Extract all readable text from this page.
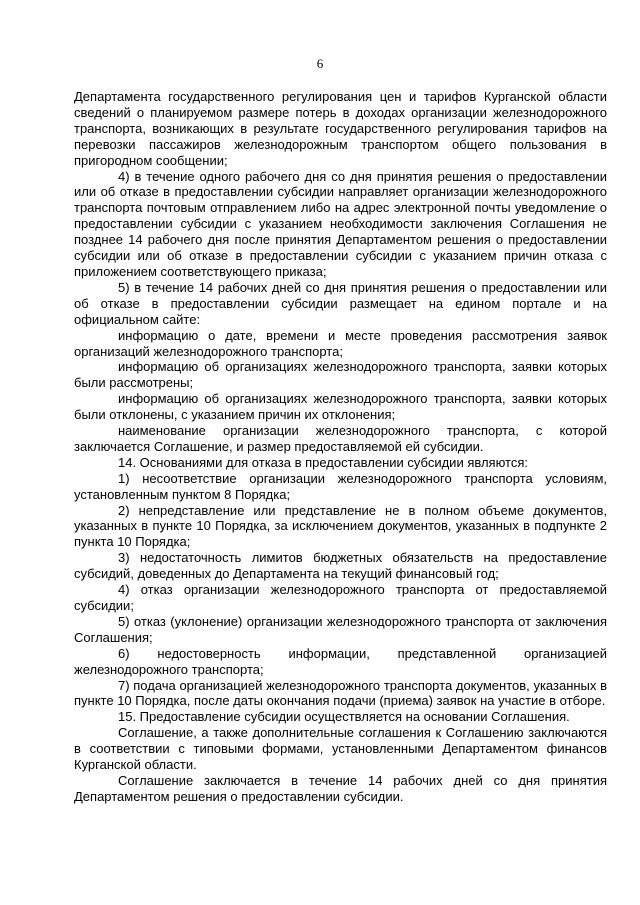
6

Департамента государственного регулирования цен и тарифов Курганской области сведений о планируемом размере потерь в доходах организации железнодорожного транспорта, возникающих в результате государственного регулирования тарифов на перевозки пассажиров железнодорожным транспортом общего пользования в пригородном сообщении;

4) в течение одного рабочего дня со дня принятия решения о предоставлении или об отказе в предоставлении субсидии направляет организации железнодорожного транспорта почтовым отправлением либо на адрес электронной почты уведомление о предоставлении субсидии с указанием необходимости заключения Соглашения не позднее 14 рабочего дня после принятия Департаментом решения о предоставлении субсидии или об отказе в предоставлении субсидии с указанием причин отказа с приложением соответствующего приказа;

5) в течение 14 рабочих дней со дня принятия решения о предоставлении или об отказе в предоставлении субсидии размещает на едином портале и на официальном сайте:

информацию о дате, времени и месте проведения рассмотрения заявок организаций железнодорожного транспорта;

информацию об организациях железнодорожного транспорта, заявки которых были рассмотрены;

информацию об организациях железнодорожного транспорта, заявки которых были отклонены, с указанием причин их отклонения;

наименование организации железнодорожного транспорта, с которой заключается Соглашение, и размер предоставляемой ей субсидии.

14. Основаниями для отказа в предоставлении субсидии являются:

1) несоответствие организации железнодорожного транспорта условиям, установленным пунктом 8 Порядка;

2) непредставление или представление не в полном объеме документов, указанных в пункте 10 Порядка, за исключением документов, указанных в подпункте 2 пункта 10 Порядка;

3) недостаточность лимитов бюджетных обязательств на предоставление субсидий, доведенных до Департамента на текущий финансовый год;

4) отказ организации железнодорожного транспорта от предоставляемой субсидии;

5) отказ (уклонение) организации железнодорожного транспорта от заключения Соглашения;

6) недостоверность информации, представленной организацией железнодорожного транспорта;

7) подача организацией железнодорожного транспорта документов, указанных в пункте 10 Порядка, после даты окончания подачи (приема) заявок на участие в отборе.

15. Предоставление субсидии осуществляется на основании Соглашения.

Соглашение, а также дополнительные соглашения к Соглашению заключаются в соответствии с типовыми формами, установленными Департаментом финансов Курганской области.

Соглашение заключается в течение 14 рабочих дней со дня принятия Департаментом решения о предоставлении субсидии.
